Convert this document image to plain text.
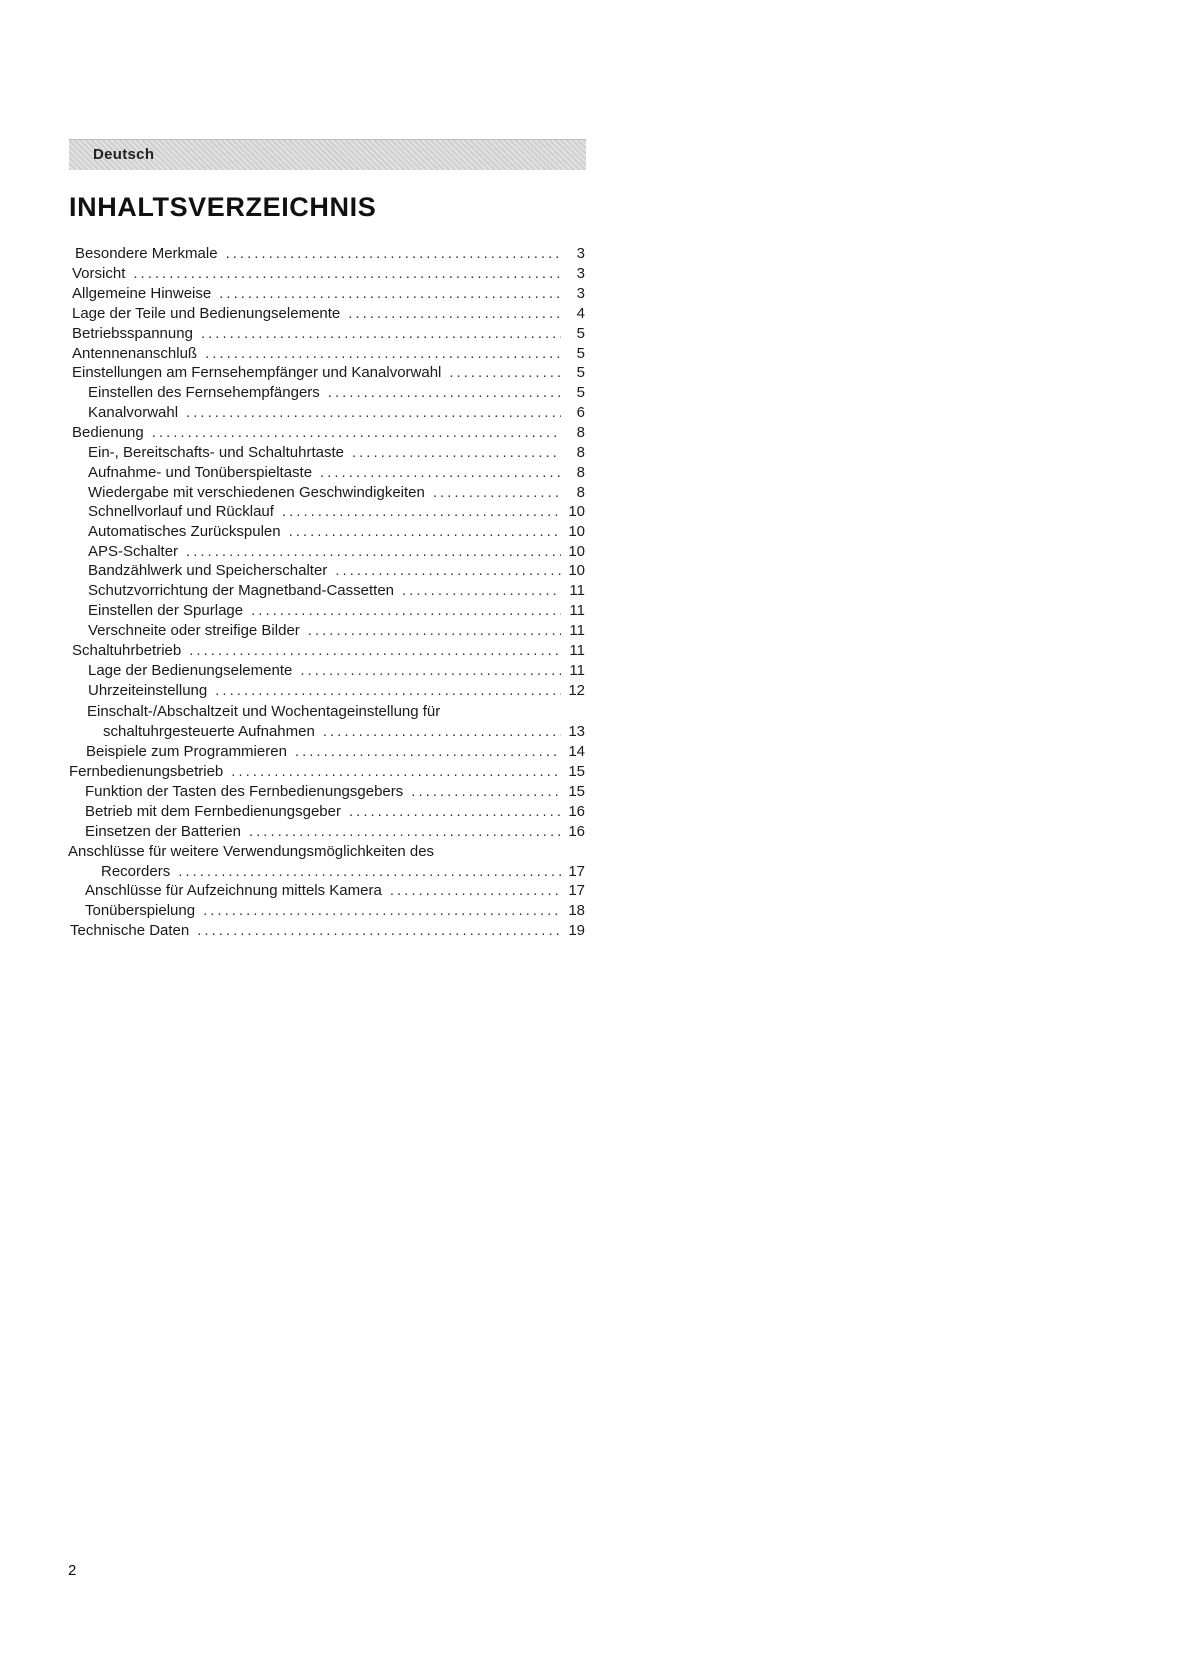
Deutsch
INHALTSVERZEICHNIS
Besondere Merkmale .....	3
Vorsicht .....	3
Allgemeine Hinweise .....	3
Lage der Teile und Bedienungselemente .....	4
Betriebsspannung .....	5
Antennenanschluß .....	5
Einstellungen am Fernsehempfänger und Kanalvorwahl .....	5
Einstellen des Fernsehempfängers .....	5
Kanalvorwahl .....	6
Bedienung .....	8
Ein-, Bereitschafts- und Schaltuhrtaste .....	8
Aufnahme- und Tonüberspieltaste .....	8
Wiedergabe mit verschiedenen Geschwindigkeiten .....	8
Schnellvorlauf und Rücklauf .....	10
Automatisches Zurückspulen .....	10
APS-Schalter .....	10
Bandzählwerk und Speicherschalter .....	10
Schutzvorrichtung der Magnetband-Cassetten .....	11
Einstellen der Spurlage .....	11
Verschneite oder streifige Bilder .....	11
Schaltuhrbetrieb .....	11
Lage der Bedienungselemente .....	11
Uhrzeiteinstellung .....	12
Einschalt-/Abschaltzeit und Wochentageinstellung für
schaltuhrgesteuerte Aufnahmen .....	13
Beispiele zum Programmieren .....	14
Fernbedienungsbetrieb .....	15
Funktion der Tasten des Fernbedienungsgebers .....	15
Betrieb mit dem Fernbedienungsgeber .....	16
Einsetzen der Batterien .....	16
Anschlüsse für weitere Verwendungsmöglichkeiten des
Recorders .....	17
Anschlüsse für Aufzeichnung mittels Kamera .....	17
Tonüberspielung .....	18
Technische Daten .....	19
2
